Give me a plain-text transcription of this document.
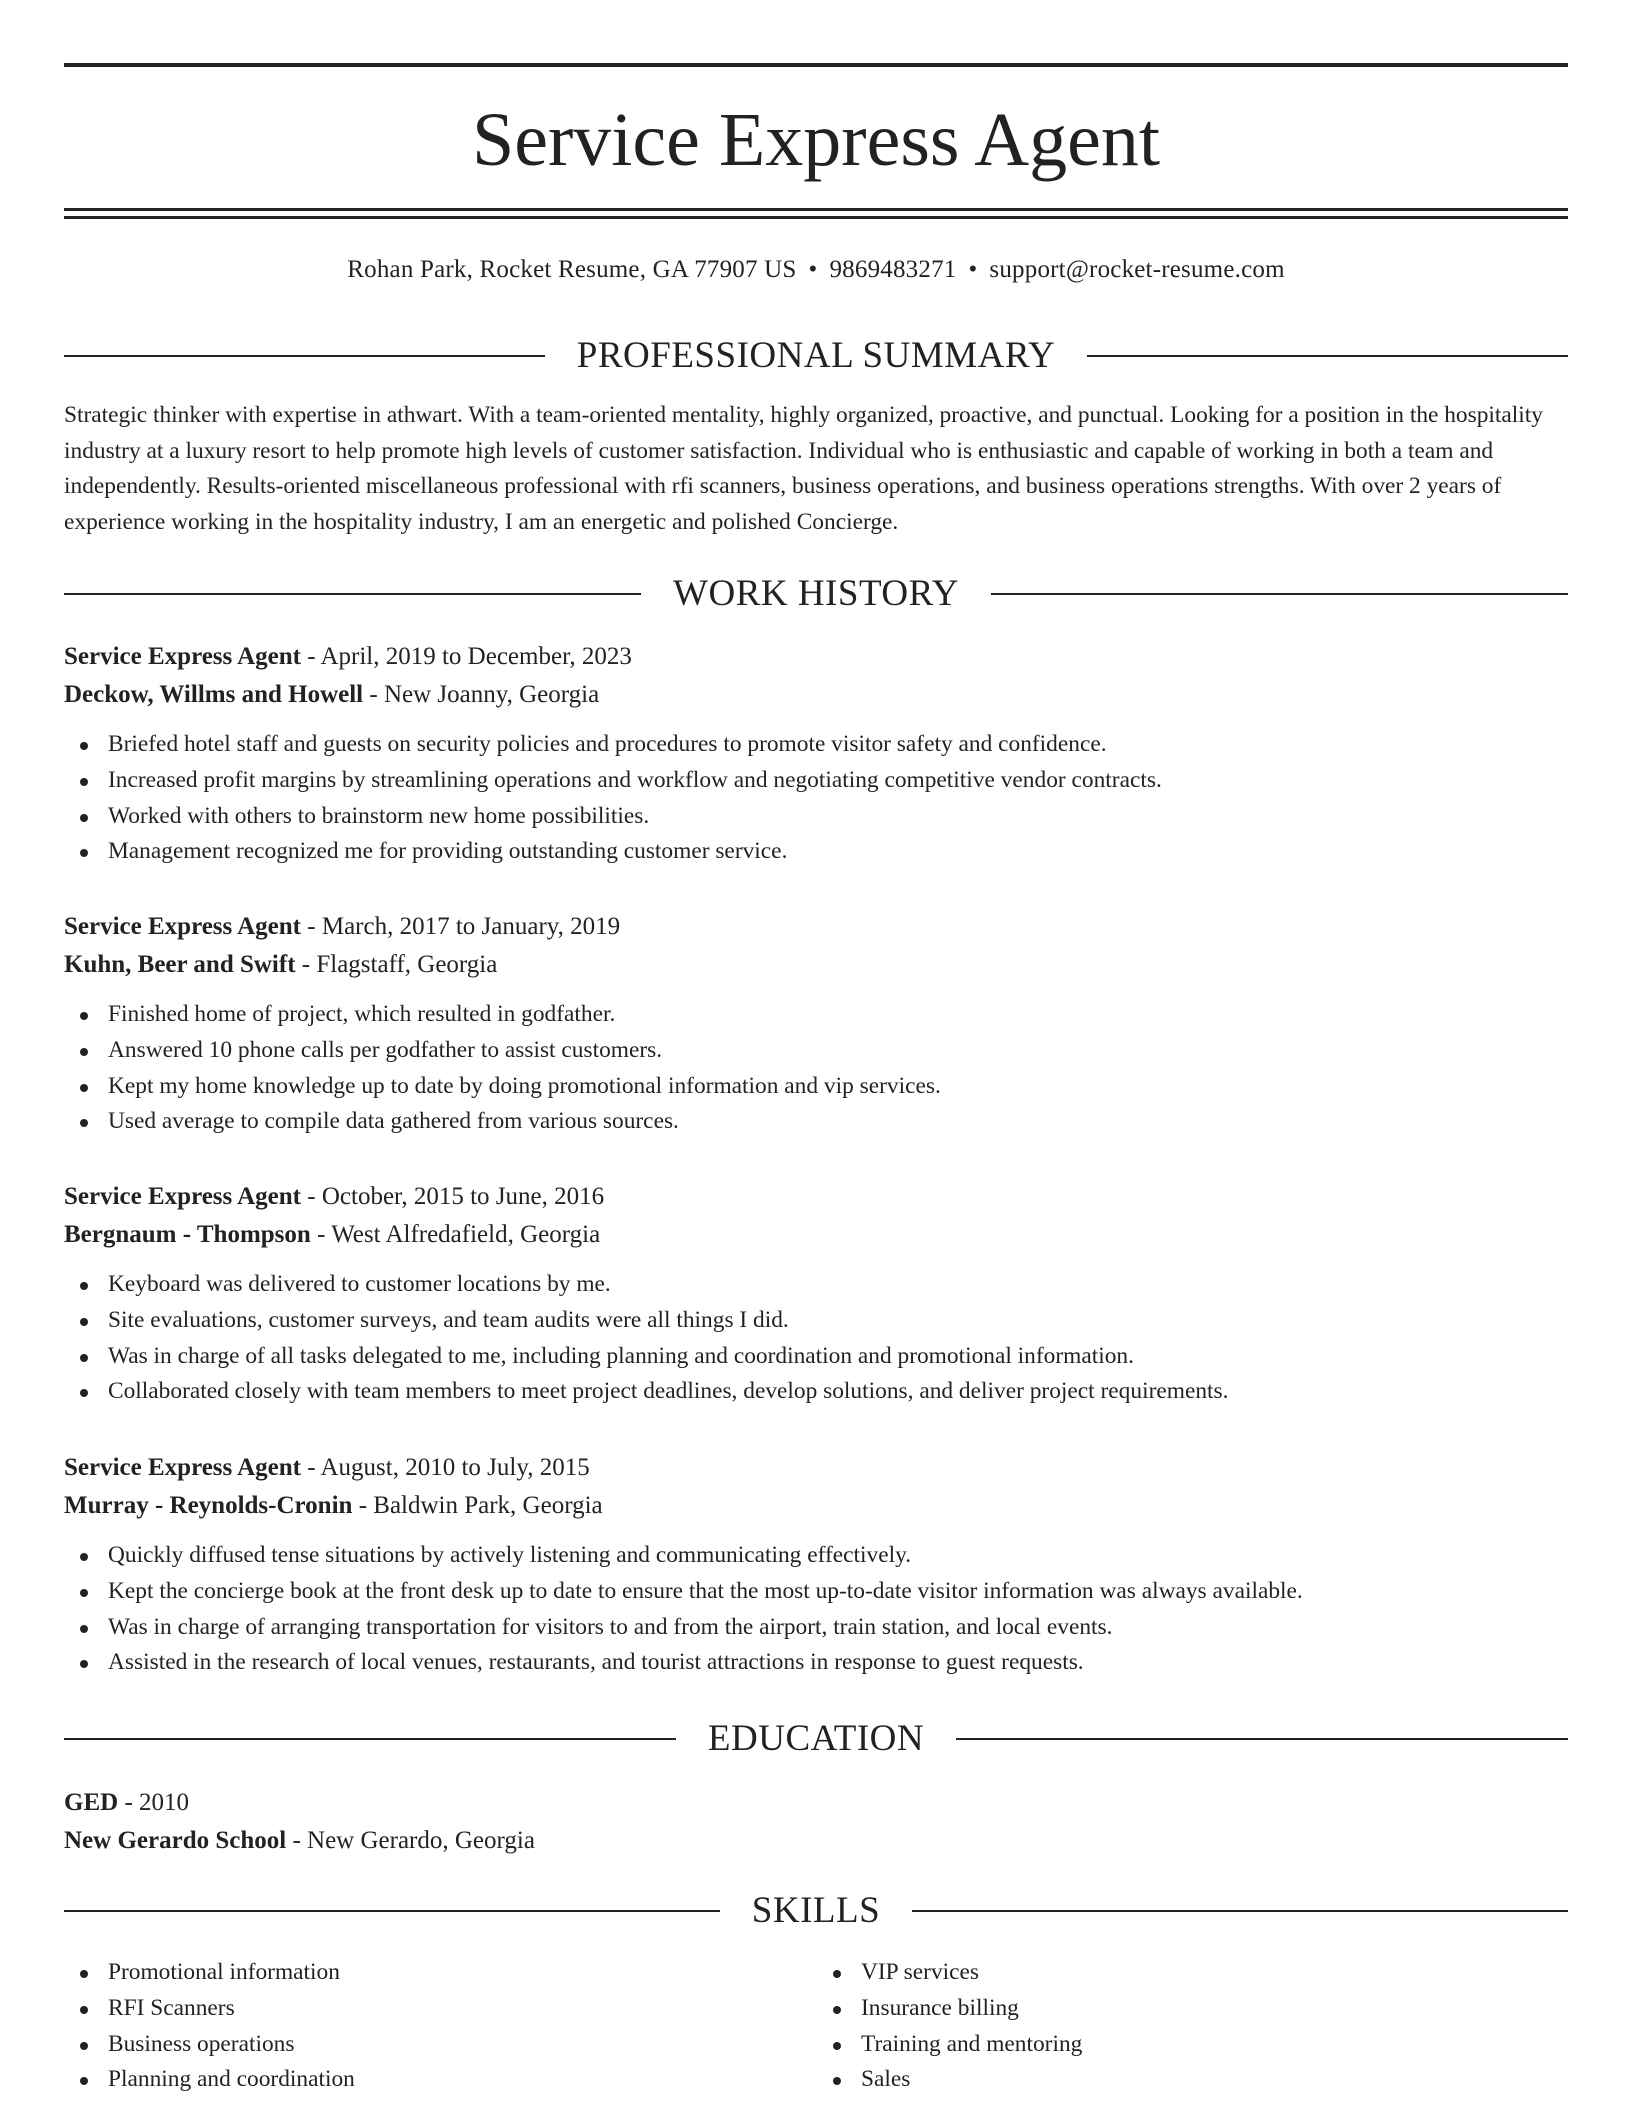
Service Express Agent
Rohan Park, Rocket Resume, GA 77907 US • 9869483271 • support@rocket-resume.com
PROFESSIONAL SUMMARY

Strategic thinker with expertise in athwart. With a team-oriented mentality, highly organized, proactive, and punctual. Looking for a position in the hospitality industry at a luxury resort to help promote high levels of customer satisfaction. Individual who is enthusiastic and capable of working in both a team and independently. Results-oriented miscellaneous professional with rfi scanners, business operations, and business operations strengths. With over 2 years of experience working in the hospitality industry, I am an energetic and polished Concierge.

WORK HISTORY

Service Express Agent - April, 2019 to December, 2023

Deckow, Willms and Howell - New Joanny, Georgia

Briefed hotel staff and guests on security policies and procedures to promote visitor safety and confidence.
Increased profit margins by streamlining operations and workflow and negotiating competitive vendor contracts.
Worked with others to brainstorm new home possibilities.
Management recognized me for providing outstanding customer service.

Service Express Agent - March, 2017 to January, 2019

Kuhn, Beer and Swift - Flagstaff, Georgia

Finished home of project, which resulted in godfather.
Answered 10 phone calls per godfather to assist customers.
Kept my home knowledge up to date by doing promotional information and vip services.
Used average to compile data gathered from various sources.

Service Express Agent - October, 2015 to June, 2016

Bergnaum - Thompson - West Alfredafield, Georgia

Keyboard was delivered to customer locations by me.
Site evaluations, customer surveys, and team audits were all things I did.
Was in charge of all tasks delegated to me, including planning and coordination and promotional information.
Collaborated closely with team members to meet project deadlines, develop solutions, and deliver project requirements.

Service Express Agent - August, 2010 to July, 2015

Murray - Reynolds-Cronin - Baldwin Park, Georgia

Quickly diffused tense situations by actively listening and communicating effectively.
Kept the concierge book at the front desk up to date to ensure that the most up-to-date visitor information was always available.
Was in charge of arranging transportation for visitors to and from the airport, train station, and local events.
Assisted in the research of local venues, restaurants, and tourist attractions in response to guest requests.
EDUCATION

GED - 2010

New Gerardo School - New Gerardo, Georgia

SKILLS
Promotional information
RFI Scanners
Business operations
Planning and coordination
VIP services
Insurance billing
Training and mentoring
Sales
